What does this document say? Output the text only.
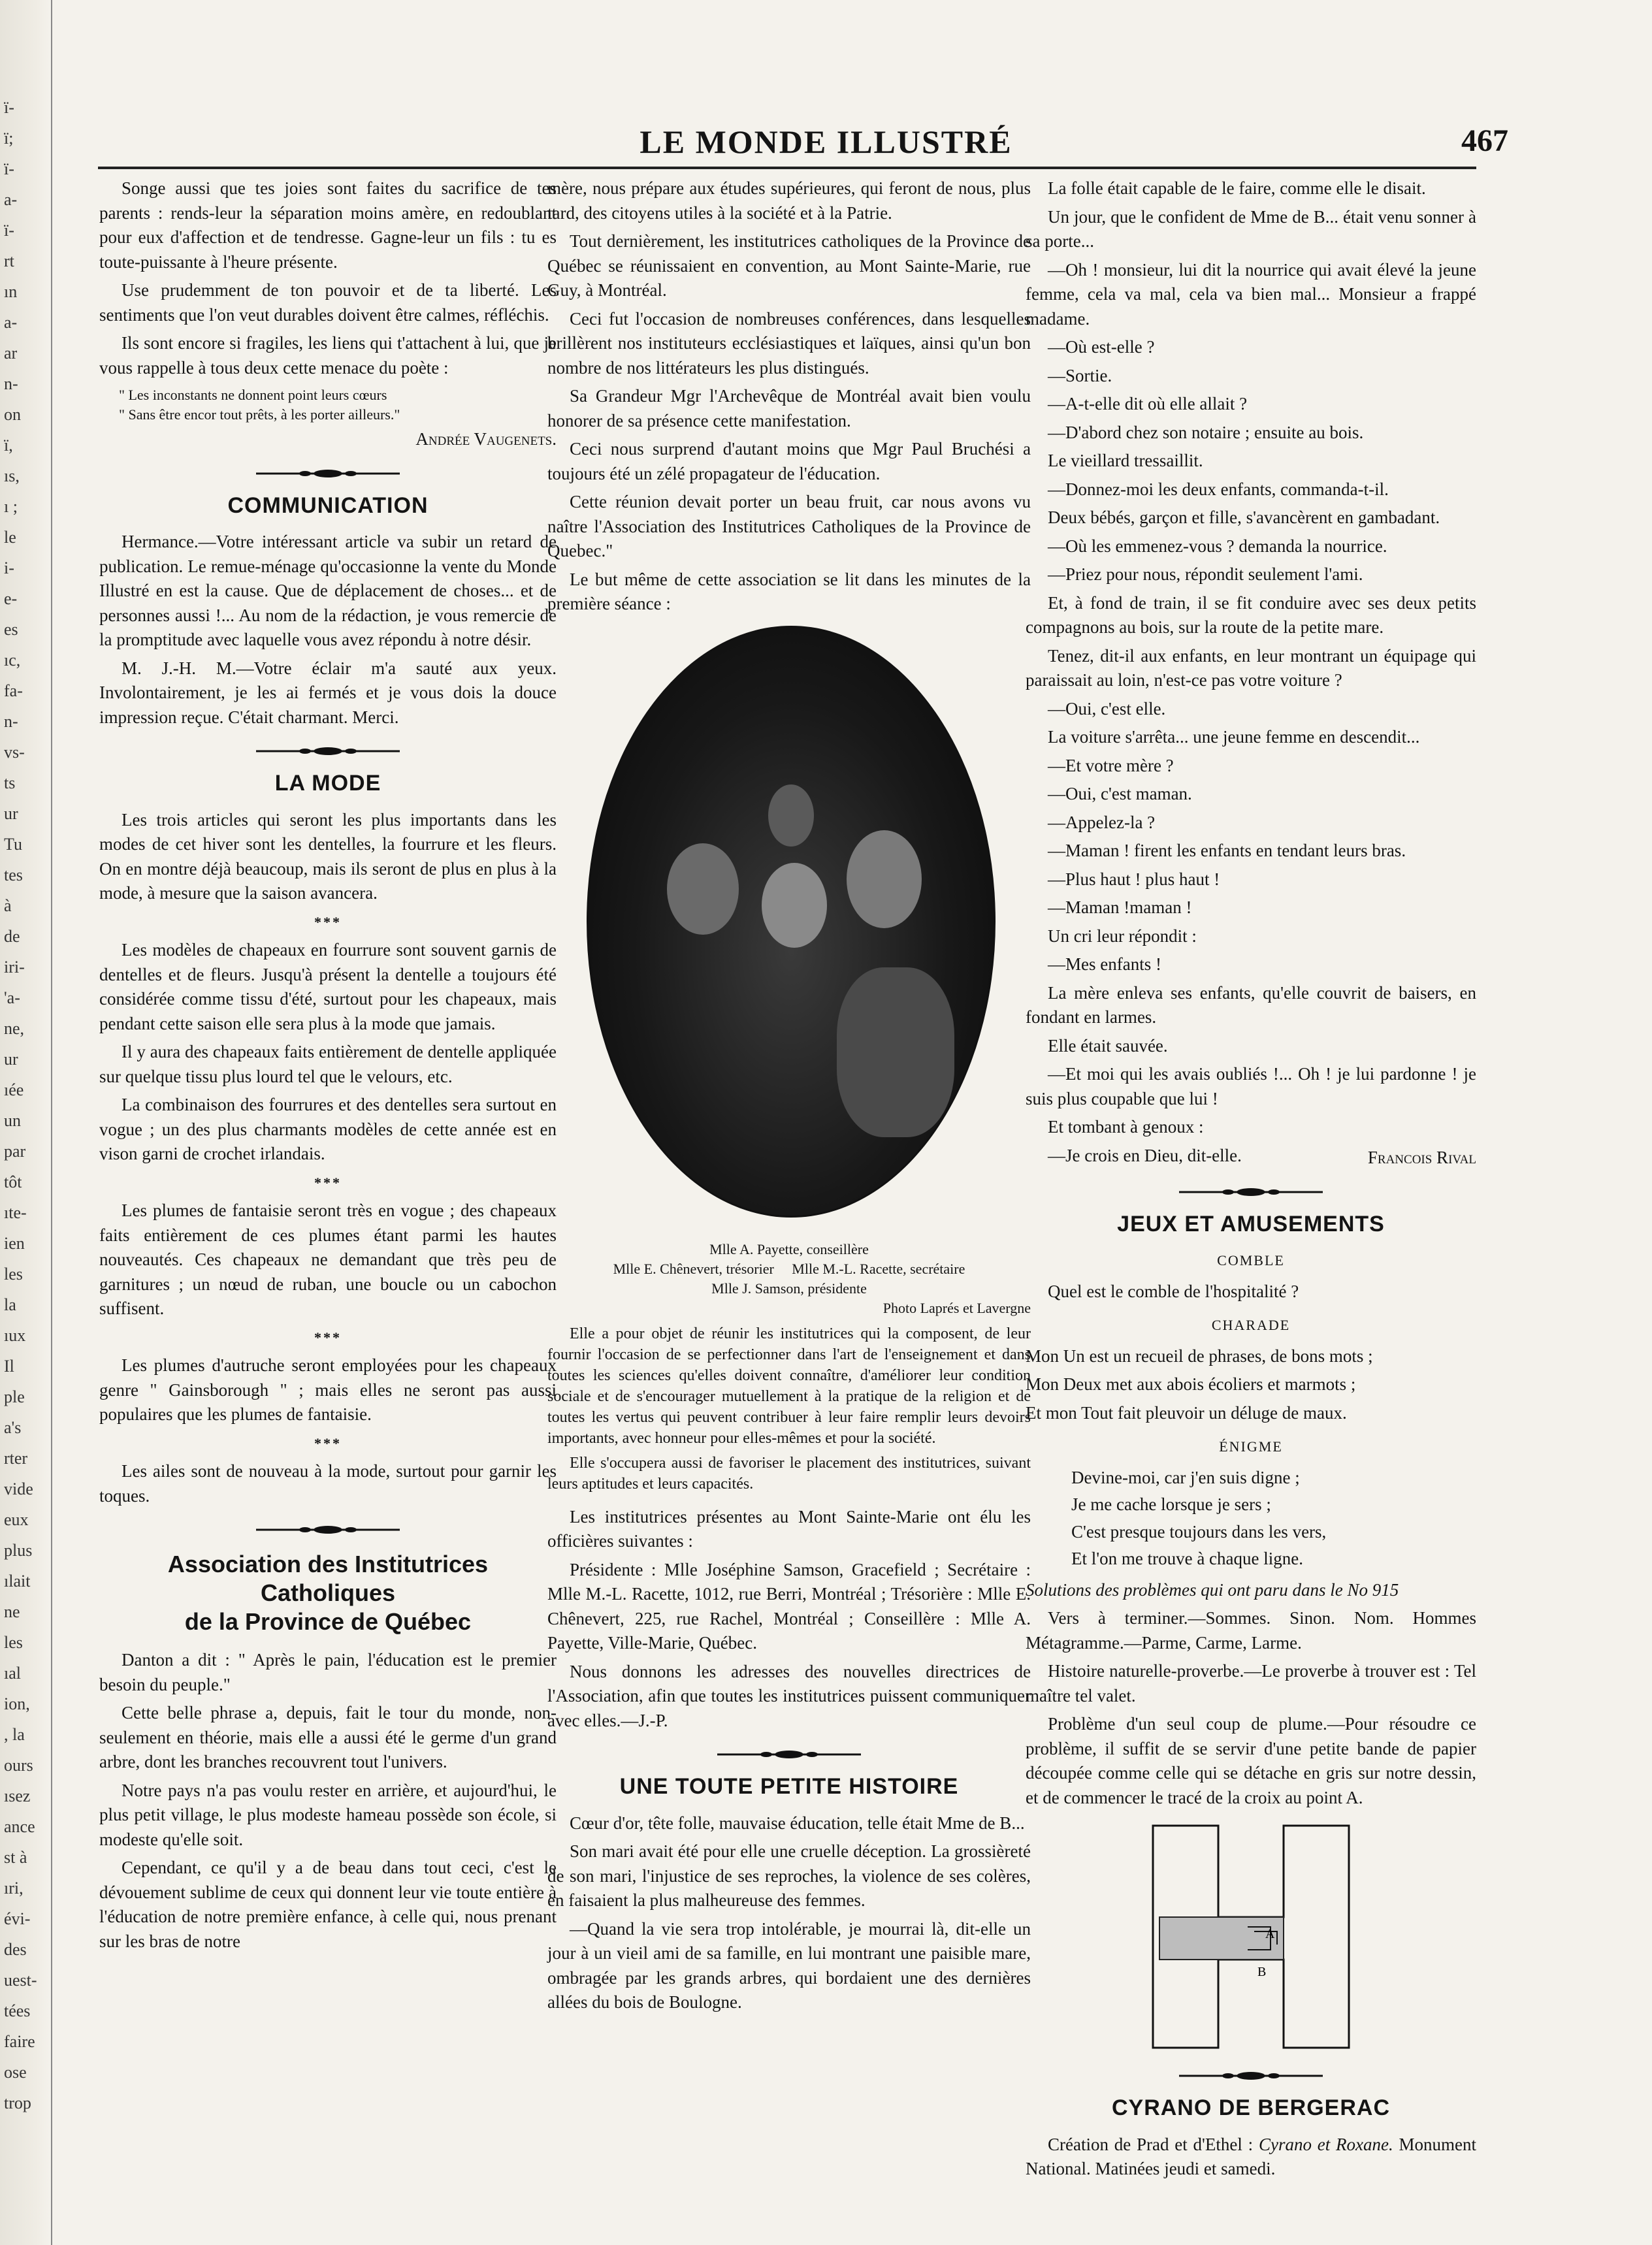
ï-
ï;
ï-
a-
ï-
rt
ın
a-
ar
n-
on
ï,
ıs,
ı ;
le
i-
e-
es
ıc,
fa-
n-
vs-
ts
ur
Tu
tes
à
de
iri-
'a-
ne,
ur
ıée
un
par
tôt
ıte-
ien
les
la
ıux
Il
ple
a's
rter
vide
eux
plus
ılait
ne
les
ıal
ion,
, la
ours
ısez
ance
st à
ıri,
évi-
des
uest-
tées
faire
ose
trop
LE MONDE ILLUSTRÉ	467

Songe aussi que tes joies sont faites du sacrifice de tes parents : rends-leur la séparation moins amère, en redoublant pour eux d'affection et de tendresse. Gagne-leur un fils : tu es toute-puissante à l'heure présente.

Use prudemment de ton pouvoir et de ta liberté. Les sentiments que l'on veut durables doivent être calmes, réfléchis.

Ils sont encore si fragiles, les liens qui t'attachent à lui, que je vous rappelle à tous deux cette menace du poète :

" Les inconstants ne donnent point leurs cœurs
" Sans être encor tout prêts, à les porter ailleurs."
Andrée Vaugenets.
COMMUNICATION

Hermance.—Votre intéressant article va subir un retard de publication. Le remue-ménage qu'occasionne la vente du Monde Illustré en est la cause. Que de déplacement de choses... et de personnes aussi !... Au nom de la rédaction, je vous remercie de la promptitude avec laquelle vous avez répondu à notre désir.

M. J.-H. M.—Votre éclair m'a sauté aux yeux. Involontairement, je les ai fermés et je vous dois la douce impression reçue. C'était charmant. Merci.

LA MODE

Les trois articles qui seront les plus importants dans les modes de cet hiver sont les dentelles, la fourrure et les fleurs. On en montre déjà beaucoup, mais ils seront de plus en plus à la mode, à mesure que la saison avancera.

***

Les modèles de chapeaux en fourrure sont souvent garnis de dentelles et de fleurs. Jusqu'à présent la dentelle a toujours été considérée comme tissu d'été, surtout pour les chapeaux, mais pendant cette saison elle sera plus à la mode que jamais.

Il y aura des chapeaux faits entièrement de dentelle appliquée sur quelque tissu plus lourd tel que le velours, etc.

La combinaison des fourrures et des dentelles sera surtout en vogue ; un des plus charmants modèles de cette année est en vison garni de crochet irlandais.

***

Les plumes de fantaisie seront très en vogue ; des chapeaux faits entièrement de ces plumes étant parmi les hautes nouveautés. Ces chapeaux ne demandant que très peu de garnitures ; un nœud de ruban, une boucle ou un cabochon suffisent.

***

Les plumes d'autruche seront employées pour les chapeaux genre " Gainsborough " ; mais elles ne seront pas aussi populaires que les plumes de fantaisie.

***

Les ailes sont de nouveau à la mode, surtout pour garnir les toques.

Association des Institutrices Catholiques
de la Province de Québec

Danton a dit : " Après le pain, l'éducation est le premier besoin du peuple."

Cette belle phrase a, depuis, fait le tour du monde, non-seulement en théorie, mais elle a aussi été le germe d'un grand arbre, dont les branches recouvrent tout l'univers.

Notre pays n'a pas voulu rester en arrière, et aujourd'hui, le plus petit village, le plus modeste hameau possède son école, si modeste qu'elle soit.

Cependant, ce qu'il y a de beau dans tout ceci, c'est le dévouement sublime de ceux qui donnent leur vie toute entière à l'éducation de notre première enfance, à celle qui, nous prenant sur les bras de notre

mère, nous prépare aux études supérieures, qui feront de nous, plus tard, des citoyens utiles à la société et à la Patrie.

Tout dernièrement, les institutrices catholiques de la Province de Québec se réunissaient en convention, au Mont Sainte-Marie, rue Guy, à Montréal.

Ceci fut l'occasion de nombreuses conférences, dans lesquelles brillèrent nos instituteurs ecclésiastiques et laïques, ainsi qu'un bon nombre de nos littérateurs les plus distingués.

Sa Grandeur Mgr l'Archevêque de Montréal avait bien voulu honorer de sa présence cette manifestation.

Ceci nous surprend d'autant moins que Mgr Paul Bruchési a toujours été un zélé propagateur de l'éducation.

Cette réunion devait porter un beau fruit, car nous avons vu naître l'Association des Institutrices Catholiques de la Province de Quebec."

Le but même de cette association se lit dans les minutes de la première séance :

Mlle A. Payette, conseillère
Mlle E. Chênevert, trésorier     Mlle M.-L. Racette, secrétaire
Mlle J. Samson, présidente
Photo Laprés et Lavergne

Elle a pour objet de réunir les institutrices qui la composent, de leur fournir l'occasion de se perfectionner dans l'art de l'enseignement et dans toutes les sciences qu'elles doivent connaître, d'améliorer leur condition sociale et de s'encourager mutuellement à la pratique de la religion et de toutes les vertus qui peuvent contribuer à leur faire remplir leurs devoirs importants, avec honneur pour elles-mêmes et pour la société.

Elle s'occupera aussi de favoriser le placement des institutrices, suivant leurs aptitudes et leurs capacités.

Les institutrices présentes au Mont Sainte-Marie ont élu les officières suivantes :

Présidente : Mlle Joséphine Samson, Gracefield ; Secrétaire : Mlle M.-L. Racette, 1012, rue Berri, Montréal ; Trésorière : Mlle E. Chênevert, 225, rue Rachel, Montréal ; Conseillère : Mlle A. Payette, Ville-Marie, Québec.

Nous donnons les adresses des nouvelles directrices de l'Association, afin que toutes les institutrices puissent communiquer avec elles.—J.-P.

UNE TOUTE PETITE HISTOIRE

Cœur d'or, tête folle, mauvaise éducation, telle était Mme de B...

Son mari avait été pour elle une cruelle déception. La grossièreté de son mari, l'injustice de ses reproches, la violence de ses colères, en faisaient la plus malheureuse des femmes.

—Quand la vie sera trop intolérable, je mourrai là, dit-elle un jour à un vieil ami de sa famille, en lui montrant une paisible mare, ombragée par les grands arbres, qui bordaient une des dernières allées du bois de Boulogne.

La folle était capable de le faire, comme elle le disait.

Un jour, que le confident de Mme de B... était venu sonner à sa porte...

—Oh ! monsieur, lui dit la nourrice qui avait élevé la jeune femme, cela va mal, cela va bien mal... Monsieur a frappé madame.

—Où est-elle ?

—Sortie.

—A-t-elle dit où elle allait ?

—D'abord chez son notaire ; ensuite au bois.

Le vieillard tressaillit.

—Donnez-moi les deux enfants, commanda-t-il.

Deux bébés, garçon et fille, s'avancèrent en gambadant.

—Où les emmenez-vous ? demanda la nourrice.

—Priez pour nous, répondit seulement l'ami.

Et, à fond de train, il se fit conduire avec ses deux petits compagnons au bois, sur la route de la petite mare.

Tenez, dit-il aux enfants, en leur montrant un équipage qui paraissait au loin, n'est-ce pas votre voiture ?

—Oui, c'est elle.

La voiture s'arrêta... une jeune femme en descendit...

—Et votre mère ?

—Oui, c'est maman.

—Appelez-la ?

—Maman ! firent les enfants en tendant leurs bras.

—Plus haut ! plus haut !

—Maman !maman !

Un cri leur répondit :

—Mes enfants !

La mère enleva ses enfants, qu'elle couvrit de baisers, en fondant en larmes.

Elle était sauvée.

—Et moi qui les avais oubliés !... Oh ! je lui pardonne ! je suis plus coupable que lui !

Et tombant à genoux :

—Je crois en Dieu, dit-elle.	Francois Rival
JEUX ET AMUSEMENTS
COMBLE

Quel est le comble de l'hospitalité ?

CHARADE

Mon Un est un recueil de phrases, de bons mots ;

Mon Deux met aux abois écoliers et marmots ;

Et mon Tout fait pleuvoir un déluge de maux.

ÉNIGME

Devine-moi, car j'en suis digne ;

Je me cache lorsque je sers ;

C'est presque toujours dans les vers,

Et l'on me trouve à chaque ligne.

Solutions des problèmes qui ont paru dans le No 915

Vers à terminer.—Sommes. Sinon. Nom. Hommes Métagramme.—Parme, Carme, Larme.

Histoire naturelle-proverbe.—Le proverbe à trouver est : Tel maître tel valet.

Problème d'un seul coup de plume.—Pour résoudre ce problème, il suffit de se servir d'une petite bande de papier découpée comme celle qui se détache en gris sur notre dessin, et de commencer le tracé de la croix au point A.

A
B
CYRANO DE BERGERAC

Création de Prad et d'Ethel : Cyrano et Roxane. Monument National. Matinées jeudi et samedi.
